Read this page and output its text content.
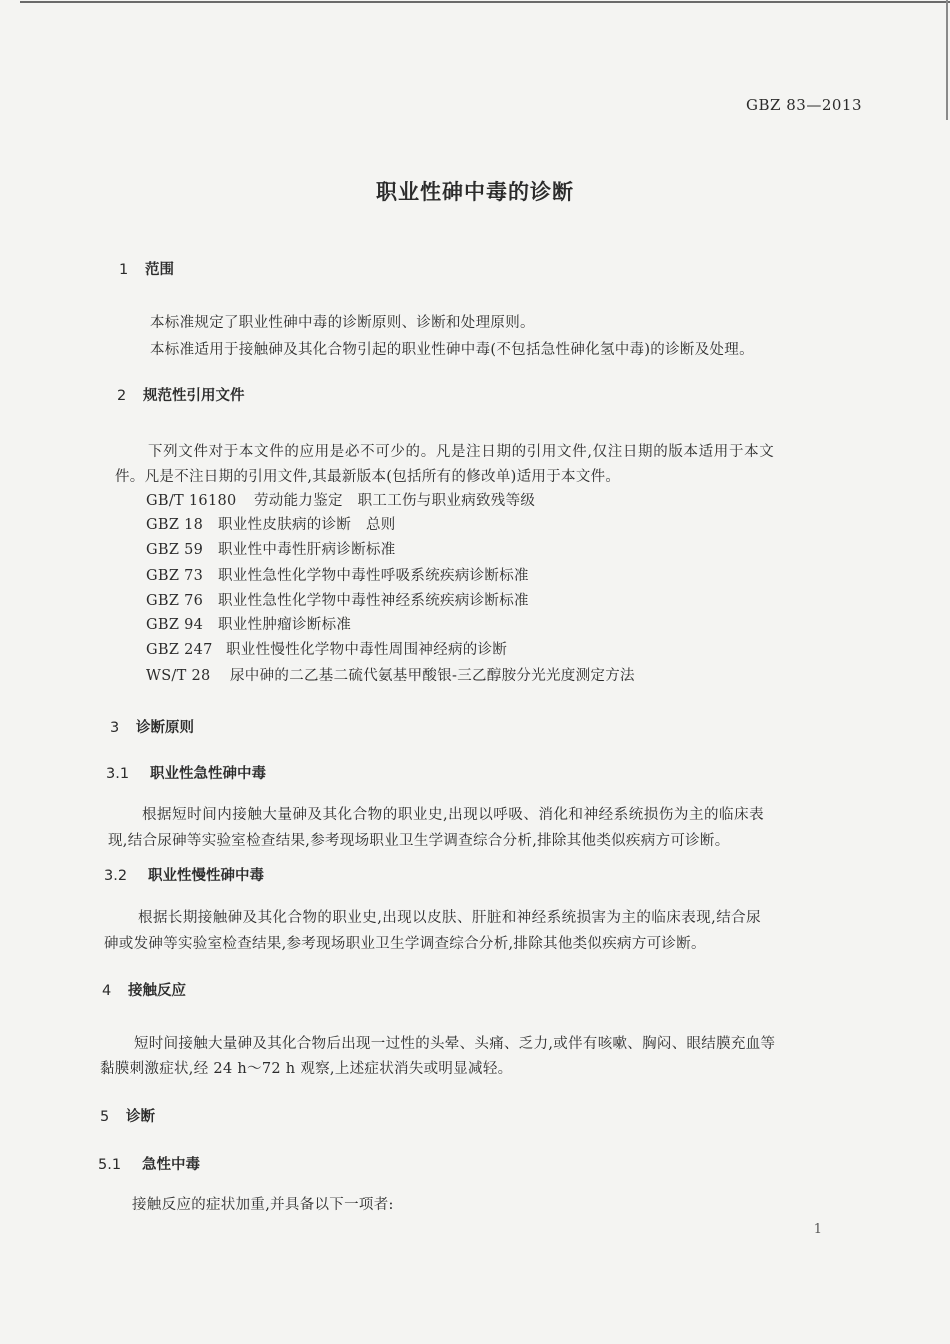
GBZ 83—2013
职业性砷中毒的诊断
1 范围
本标准规定了职业性砷中毒的诊断原则、诊断和处理原则。
本标准适用于接触砷及其化合物引起的职业性砷中毒(不包括急性砷化氢中毒)的诊断及处理。
2 规范性引用文件
下列文件对于本文件的应用是必不可少的。凡是注日期的引用文件,仅注日期的版本适用于本文
件。凡是不注日期的引用文件,其最新版本(包括所有的修改单)适用于本文件。
GB/T 16180 劳动能力鉴定　职工工伤与职业病致残等级
GBZ 18 职业性皮肤病的诊断　总则
GBZ 59 职业性中毒性肝病诊断标准
GBZ 73 职业性急性化学物中毒性呼吸系统疾病诊断标准
GBZ 76 职业性急性化学物中毒性神经系统疾病诊断标准
GBZ 94 职业性肿瘤诊断标准
GBZ 247 职业性慢性化学物中毒性周围神经病的诊断
WS/T 28 尿中砷的二乙基二硫代氨基甲酸银-三乙醇胺分光光度测定方法
3 诊断原则
3.1 职业性急性砷中毒
根据短时间内接触大量砷及其化合物的职业史,出现以呼吸、消化和神经系统损伤为主的临床表
现,结合尿砷等实验室检查结果,参考现场职业卫生学调查综合分析,排除其他类似疾病方可诊断。
3.2 职业性慢性砷中毒
根据长期接触砷及其化合物的职业史,出现以皮肤、肝脏和神经系统损害为主的临床表现,结合尿
砷或发砷等实验室检查结果,参考现场职业卫生学调查综合分析,排除其他类似疾病方可诊断。
4 接触反应
短时间接触大量砷及其化合物后出现一过性的头晕、头痛、乏力,或伴有咳嗽、胸闷、眼结膜充血等
黏膜刺激症状,经 24 h～72 h 观察,上述症状消失或明显减轻。
5 诊断
5.1 急性中毒
接触反应的症状加重,并具备以下一项者:
1
